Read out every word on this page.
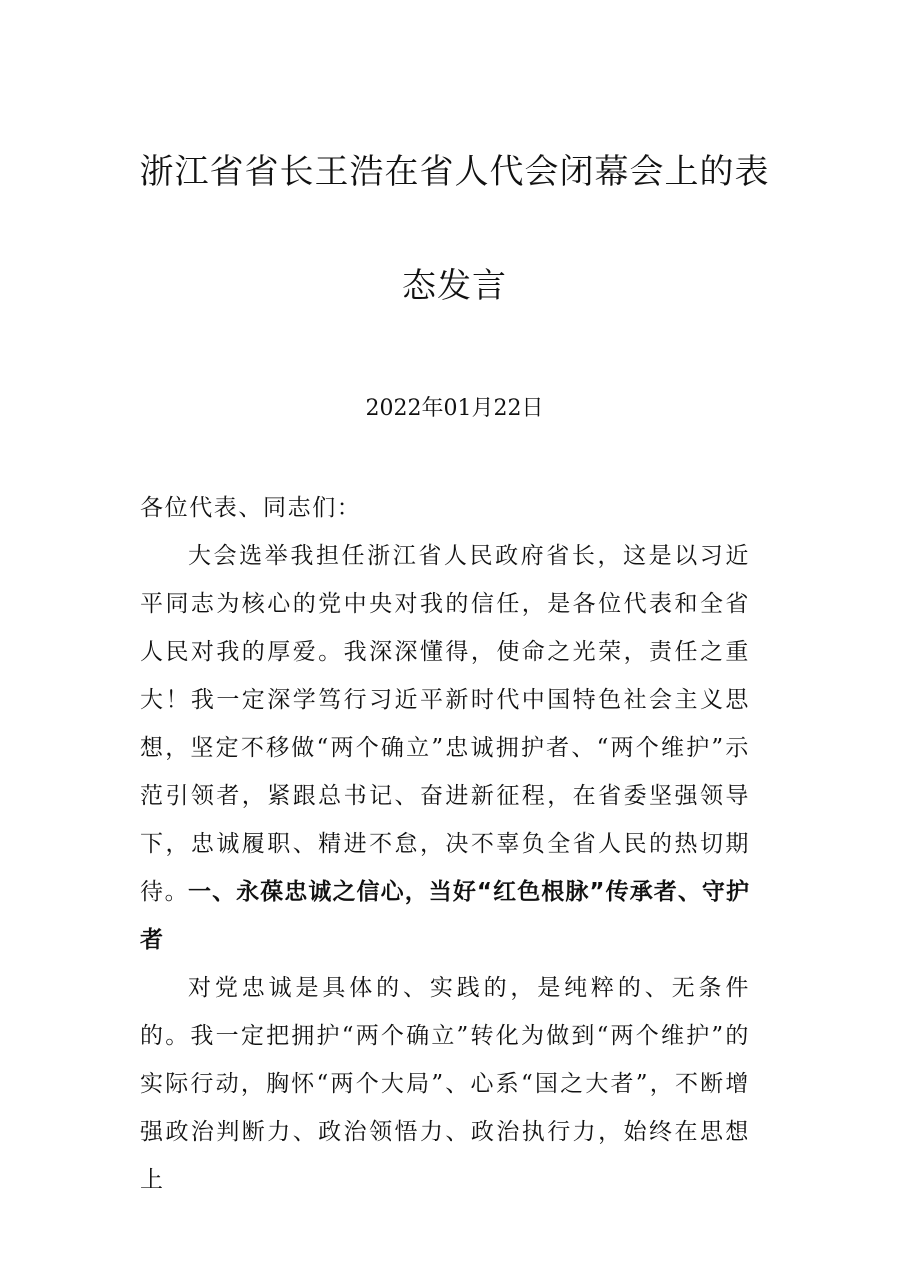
浙江省省长王浩在省人代会闭幕会上的表
态发言
2022年01月22日
各位代表、同志们：
大会选举我担任浙江省人民政府省长，这是以习近平同志为核心的党中央对我的信任，是各位代表和全省人民对我的厚爱。我深深懂得，使命之光荣，责任之重大！我一定深学笃行习近平新时代中国特色社会主义思想，坚定不移做“两个确立”忠诚拥护者、“两个维护”示范引领者，紧跟总书记、奋进新征程，在省委坚强领导下，忠诚履职、精进不怠，决不辜负全省人民的热切期待。
一、永葆忠诚之信心，当好“红色根脉”传承者、守护者
对党忠诚是具体的、实践的，是纯粹的、无条件的。我一定把拥护“两个确立”转化为做到“两个维护”的实际行动，胸怀“两个大局”、心系“国之大者”，不断增强政治判断力、政治领悟力、政治执行力，始终在思想上
